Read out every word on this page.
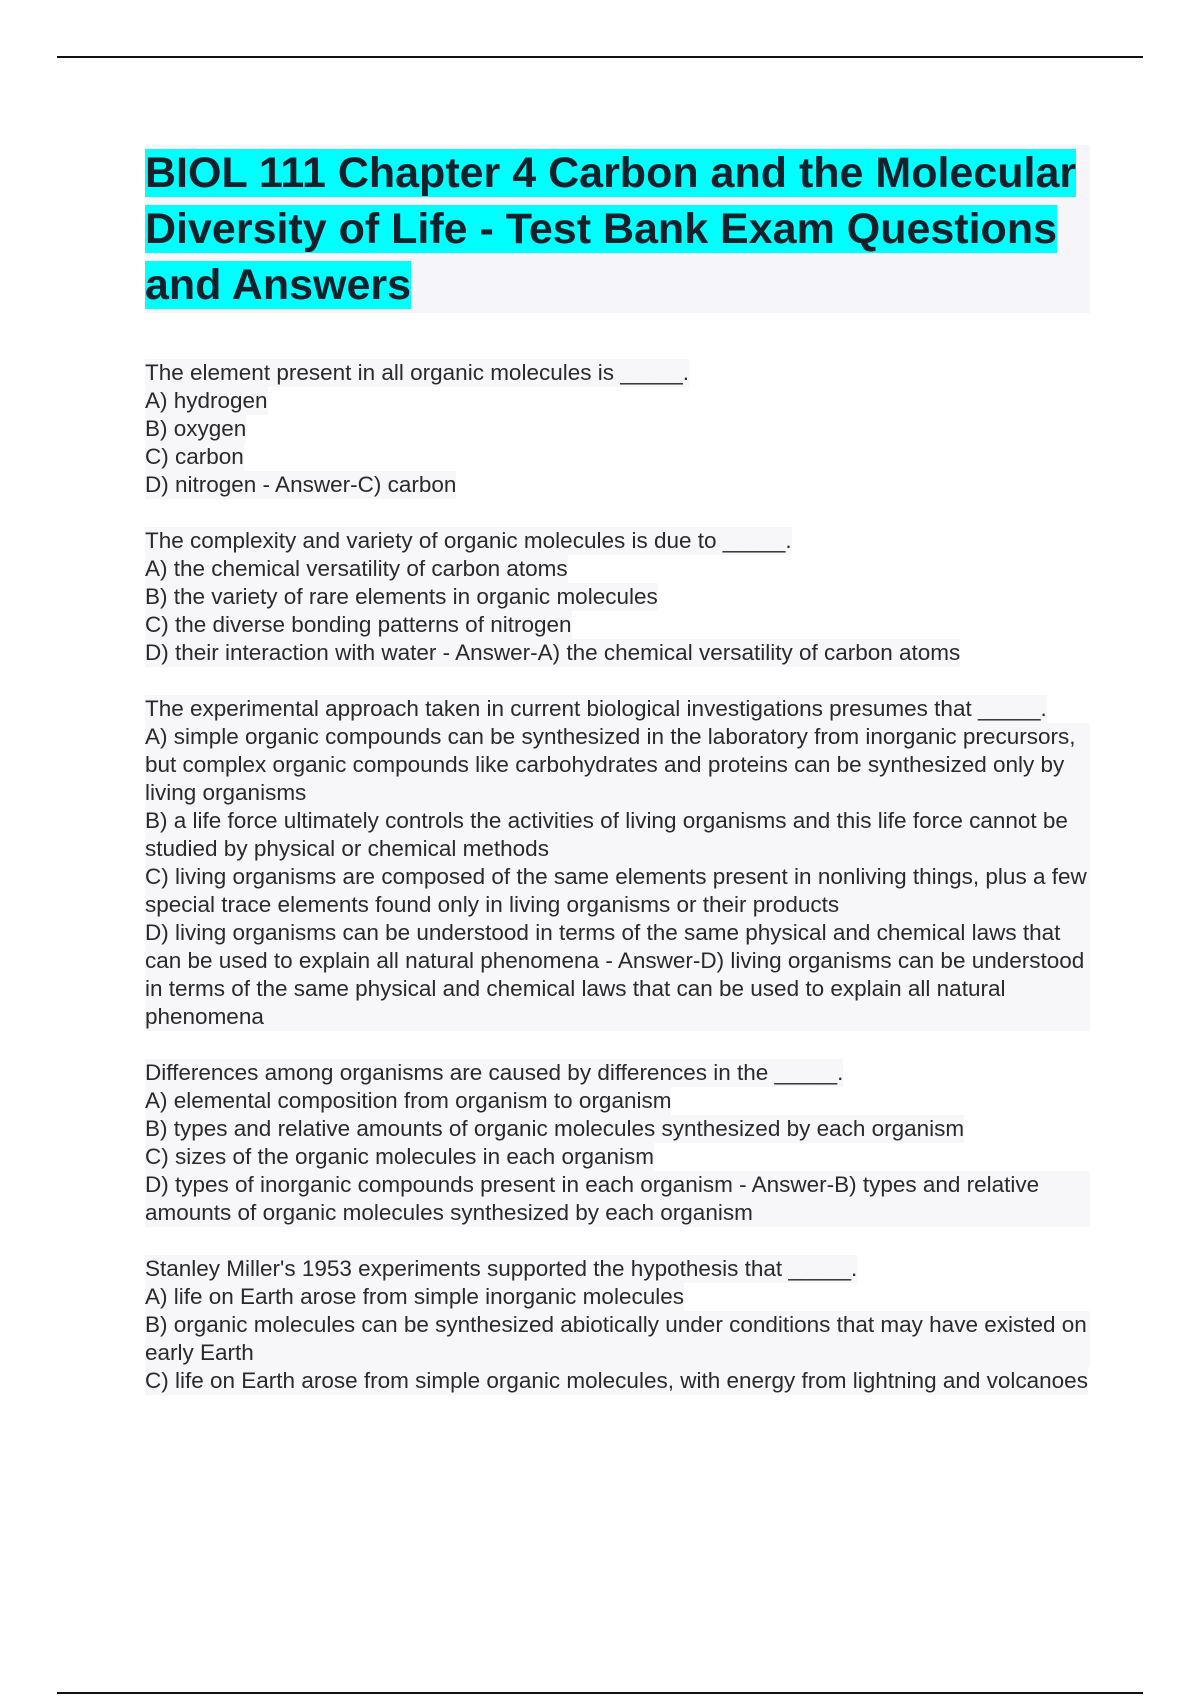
BIOL 111 Chapter 4 Carbon and the Molecular Diversity of Life - Test Bank Exam Questions and Answers
The element present in all organic molecules is _____.
A) hydrogen
B) oxygen
C) carbon
D) nitrogen - Answer-C) carbon
The complexity and variety of organic molecules is due to _____.
A) the chemical versatility of carbon atoms
B) the variety of rare elements in organic molecules
C) the diverse bonding patterns of nitrogen
D) their interaction with water - Answer-A) the chemical versatility of carbon atoms
The experimental approach taken in current biological investigations presumes that _____.
A) simple organic compounds can be synthesized in the laboratory from inorganic precursors, but complex organic compounds like carbohydrates and proteins can be synthesized only by living organisms
B) a life force ultimately controls the activities of living organisms and this life force cannot be studied by physical or chemical methods
C) living organisms are composed of the same elements present in nonliving things, plus a few special trace elements found only in living organisms or their products
D) living organisms can be understood in terms of the same physical and chemical laws that can be used to explain all natural phenomena - Answer-D) living organisms can be understood in terms of the same physical and chemical laws that can be used to explain all natural phenomena
Differences among organisms are caused by differences in the _____.
A) elemental composition from organism to organism
B) types and relative amounts of organic molecules synthesized by each organism
C) sizes of the organic molecules in each organism
D) types of inorganic compounds present in each organism - Answer-B) types and relative amounts of organic molecules synthesized by each organism
Stanley Miller's 1953 experiments supported the hypothesis that _____.
A) life on Earth arose from simple inorganic molecules
B) organic molecules can be synthesized abiotically under conditions that may have existed on early Earth
C) life on Earth arose from simple organic molecules, with energy from lightning and volcanoes
